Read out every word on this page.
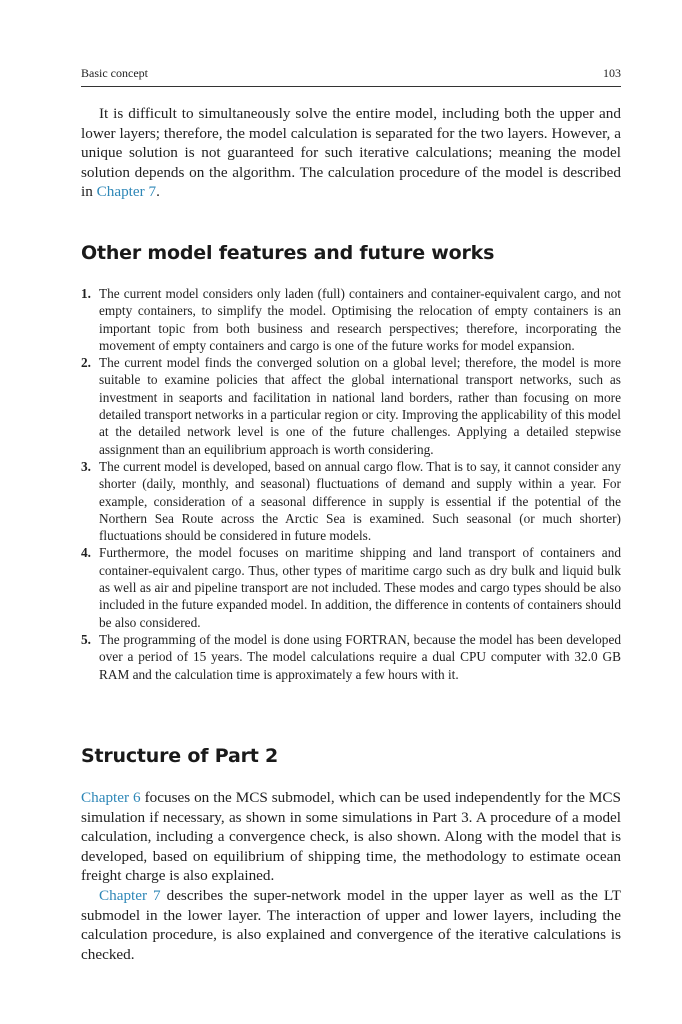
Basic concept	103

It is difficult to simultaneously solve the entire model, including both the upper and lower layers; therefore, the model calculation is separated for the two layers. However, a unique solution is not guaranteed for such iterative calculations; meaning the model solution depends on the algorithm. The calculation procedure of the model is described in Chapter 7.

Other model features and future works
1. The current model considers only laden (full) containers and container-equivalent cargo, and not empty containers, to simplify the model. Optimising the relocation of empty containers is an important topic from both business and research perspectives; therefore, incorporating the movement of empty containers and cargo is one of the future works for model expansion.
2. The current model finds the converged solution on a global level; therefore, the model is more suitable to examine policies that affect the global international transport networks, such as investment in seaports and facilitation in national land borders, rather than focusing on more detailed transport networks in a particular region or city. Improving the applicability of this model at the detailed network level is one of the future challenges. Applying a detailed stepwise assignment than an equilibrium approach is worth considering.
3. The current model is developed, based on annual cargo flow. That is to say, it cannot consider any shorter (daily, monthly, and seasonal) fluctuations of demand and supply within a year. For example, consideration of a seasonal difference in supply is essential if the potential of the Northern Sea Route across the Arctic Sea is examined. Such seasonal (or much shorter) fluctuations should be considered in future models.
4. Furthermore, the model focuses on maritime shipping and land transport of containers and container-equivalent cargo. Thus, other types of maritime cargo such as dry bulk and liquid bulk as well as air and pipeline transport are not included. These modes and cargo types should be also included in the future expanded model. In addition, the difference in contents of containers should be also considered.
5. The programming of the model is done using FORTRAN, because the model has been developed over a period of 15 years. The model calculations require a dual CPU computer with 32.0 GB RAM and the calculation time is approximately a few hours with it.
Structure of Part 2

Chapter 6 focuses on the MCS submodel, which can be used independently for the MCS simulation if necessary, as shown in some simulations in Part 3. A procedure of a model calculation, including a convergence check, is also shown. Along with the model that is developed, based on equilibrium of shipping time, the methodology to estimate ocean freight charge is also explained.

Chapter 7 describes the super-network model in the upper layer as well as the LT submodel in the lower layer. The interaction of upper and lower layers, including the calculation procedure, is also explained and convergence of the iterative calculations is checked.
